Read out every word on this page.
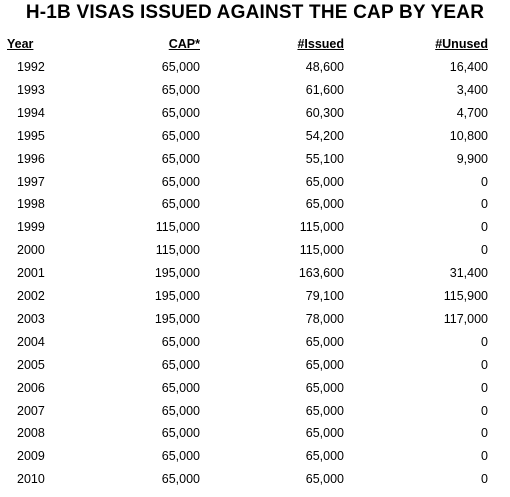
H-1B VISAS ISSUED AGAINST THE CAP BY YEAR
Year	CAP*	#Issued	#Unused
1992	65,000	48,600	16,400
1993	65,000	61,600	3,400
1994	65,000	60,300	4,700
1995	65,000	54,200	10,800
1996	65,000	55,100	9,900
1997	65,000	65,000	0
1998	65,000	65,000	0
1999	115,000	115,000	0
2000	115,000	115,000	0
2001	195,000	163,600	31,400
2002	195,000	79,100	115,900
2003	195,000	78,000	117,000
2004	65,000	65,000	0
2005	65,000	65,000	0
2006	65,000	65,000	0
2007	65,000	65,000	0
2008	65,000	65,000	0
2009	65,000	65,000	0
2010	65,000	65,000	0
